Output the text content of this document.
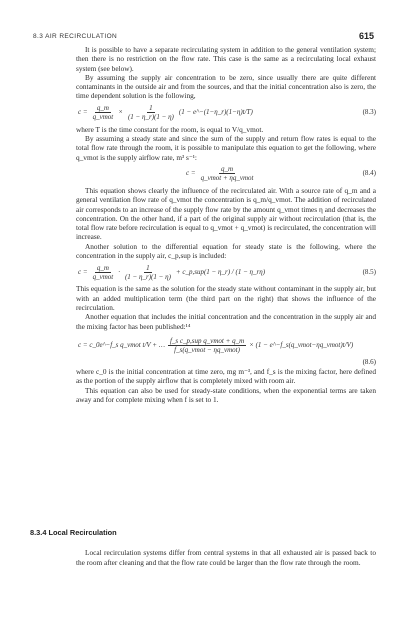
8.3 AIR RECIRCULATION	615

It is possible to have a separate recirculating system in addition to the general ventilation system; then there is no restriction on the flow rate. This case is the same as a recirculating local exhaust system (see below).

By assuming the supply air concentration to be zero, since usually there are quite different contaminants in the outside air and from the sources, and that the initial concentration also is zero, the time dependent solution is the following,

$c = \frac{q\_m}{\text{q\_vmot}} \times \frac{1}{(1 - \eta\_r)(1 - \eta)} (1$ − e^−(1−η_r)(1−η)t/T)	(8.3)

where T is the time constant for the room, is equal to V/q_vmot.

By assuming a steady state and since the sum of the supply and return flow rates is equal to the total flow rate through the room, it is possible to manipulate this equation to get the following, where q_vmot is the supply airflow rate, m³ s⁻¹:

$c = \frac{q\_m}{\text{q\_vmot + ηq\_vmot}}$	(8.4)

This equation shows clearly the influence of the recirculated air. With a source rate of q_m and a general ventilation flow rate of q_vmot the concentration is q_m/q_vmot. The addition of recirculated air corresponds to an increase of the supply flow rate by the amount q_vmot times η and decreases the concentration. On the other hand, if a part of the original supply air without recirculation (that is, the total flow rate before recirculation is equal to q_vmot + q_vmot) is recirculated, the concentration will increase.

Another solution to the differential equation for steady state is the following, where the concentration in the supply air, c_p,sup is included:

$c = \frac{q\_m}{\text{q\_vmot}} \cdot \frac{1}{(1 - \eta\_r)(1 - \eta)}$ + c_p,sup(1 − η_r) / (1 − η_rη)	(8.5)

This equation is the same as the solution for the steady state without contaminant in the supply air, but with an added multiplication term (the third part on the right) that shows the influence of the recirculation.

Another equation that includes the initial concentration and the concentration in the supply air and the mixing factor has been published:¹⁴

c = c_0e^−f_s q_vmot t/V + … $\frac{\text{f\_s c\_p,sup q\_vmot + q\_m}}{\text{f\_s(q\_vmot − ηq\_vmot)}} \times (1$ − e^−f_s(q_vmot−ηq_vmot)t/V)
(8.6)

where c_0 is the initial concentration at time zero, mg m⁻³, and f_s is the mixing factor, here defined as the portion of the supply airflow that is completely mixed with room air.

This equation can also be used for steady-state conditions, when the exponential terms are taken away and for complete mixing when f is set to 1.

8.3.4 Local Recirculation

Local recirculation systems differ from central systems in that all exhausted air is passed back to the room after cleaning and that the flow rate could be larger than the flow rate through the room.
